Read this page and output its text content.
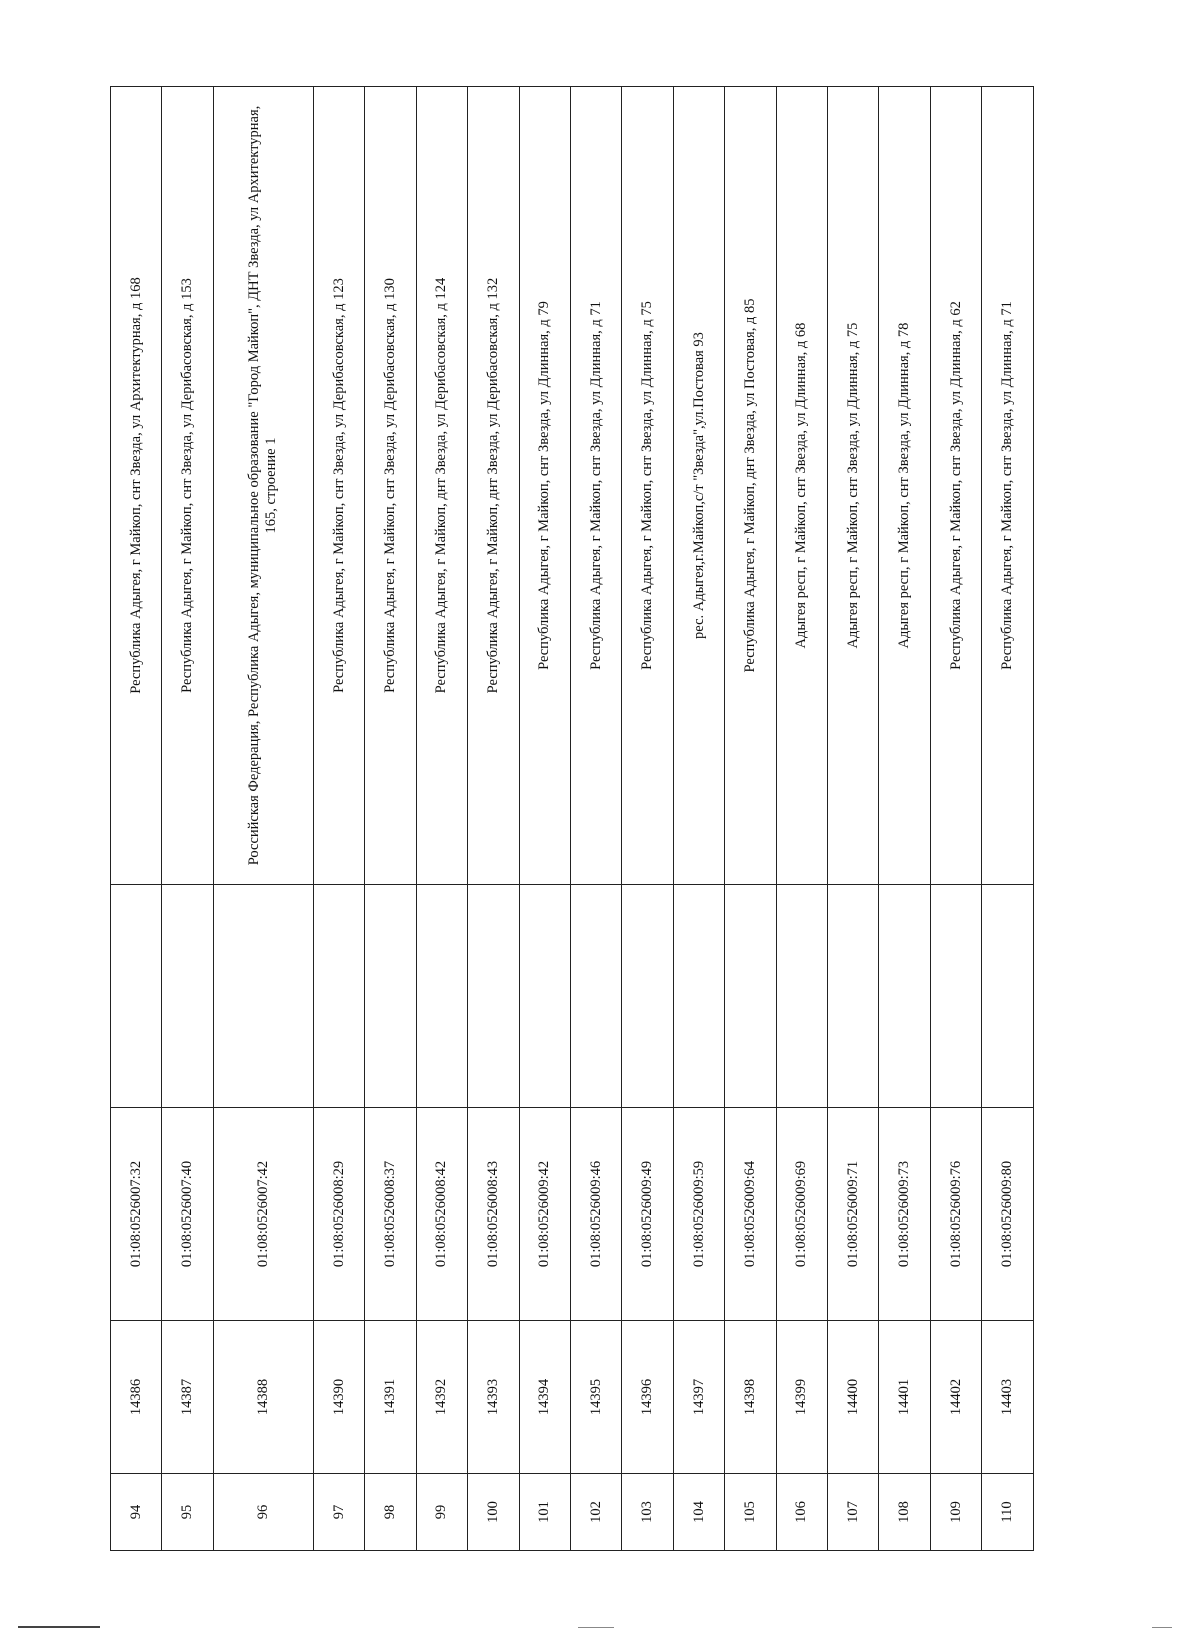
94	14386	01:08:0526007:32		Республика Адыгея, г Майкоп, снт Звезда, ул Архитектурная, д 168
95	14387	01:08:0526007:40		Республика Адыгея, г Майкоп, снт Звезда, ул Дерибасовская, д 153
96	14388	01:08:0526007:42		Российская Федерация, Республика Адыгея, муниципальное образование "Город Майкоп", ДНТ Звезда, ул Архитектурная, 165, строение 1
97	14390	01:08:0526008:29		Республика Адыгея, г Майкоп, снт Звезда, ул Дерибасовская, д 123
98	14391	01:08:0526008:37		Республика Адыгея, г Майкоп, снт Звезда, ул Дерибасовская, д 130
99	14392	01:08:0526008:42		Республика Адыгея, г Майкоп, днт Звезда, ул Дерибасовская, д 124
100	14393	01:08:0526008:43		Республика Адыгея, г Майкоп, днт Звезда, ул Дерибасовская, д 132
101	14394	01:08:0526009:42		Республика Адыгея, г Майкоп, снт Звезда, ул Длинная, д 79
102	14395	01:08:0526009:46		Республика Адыгея, г Майкоп, снт Звезда, ул Длинная, д 71
103	14396	01:08:0526009:49		Республика Адыгея, г Майкоп, снт Звезда, ул Длинная, д 75
104	14397	01:08:0526009:59		рес. Адыгея,г.Майкоп,с/т "Звезда",ул.Постовая 93
105	14398	01:08:0526009:64		Республика Адыгея, г Майкоп, днт Звезда, ул Постовая, д 85
106	14399	01:08:0526009:69		Адыгея респ, г Майкоп, снт Звезда, ул Длинная, д 68
107	14400	01:08:0526009:71		Адыгея респ, г Майкоп, снт Звезда, ул Длинная, д 75
108	14401	01:08:0526009:73		Адыгея респ, г Майкоп, снт Звезда, ул Длинная, д 78
109	14402	01:08:0526009:76		Республика Адыгея, г Майкоп, снт Звезда, ул Длинная, д 62
110	14403	01:08:0526009:80		Республика Адыгея, г Майкоп, снт Звезда, ул Длинная, д 71
